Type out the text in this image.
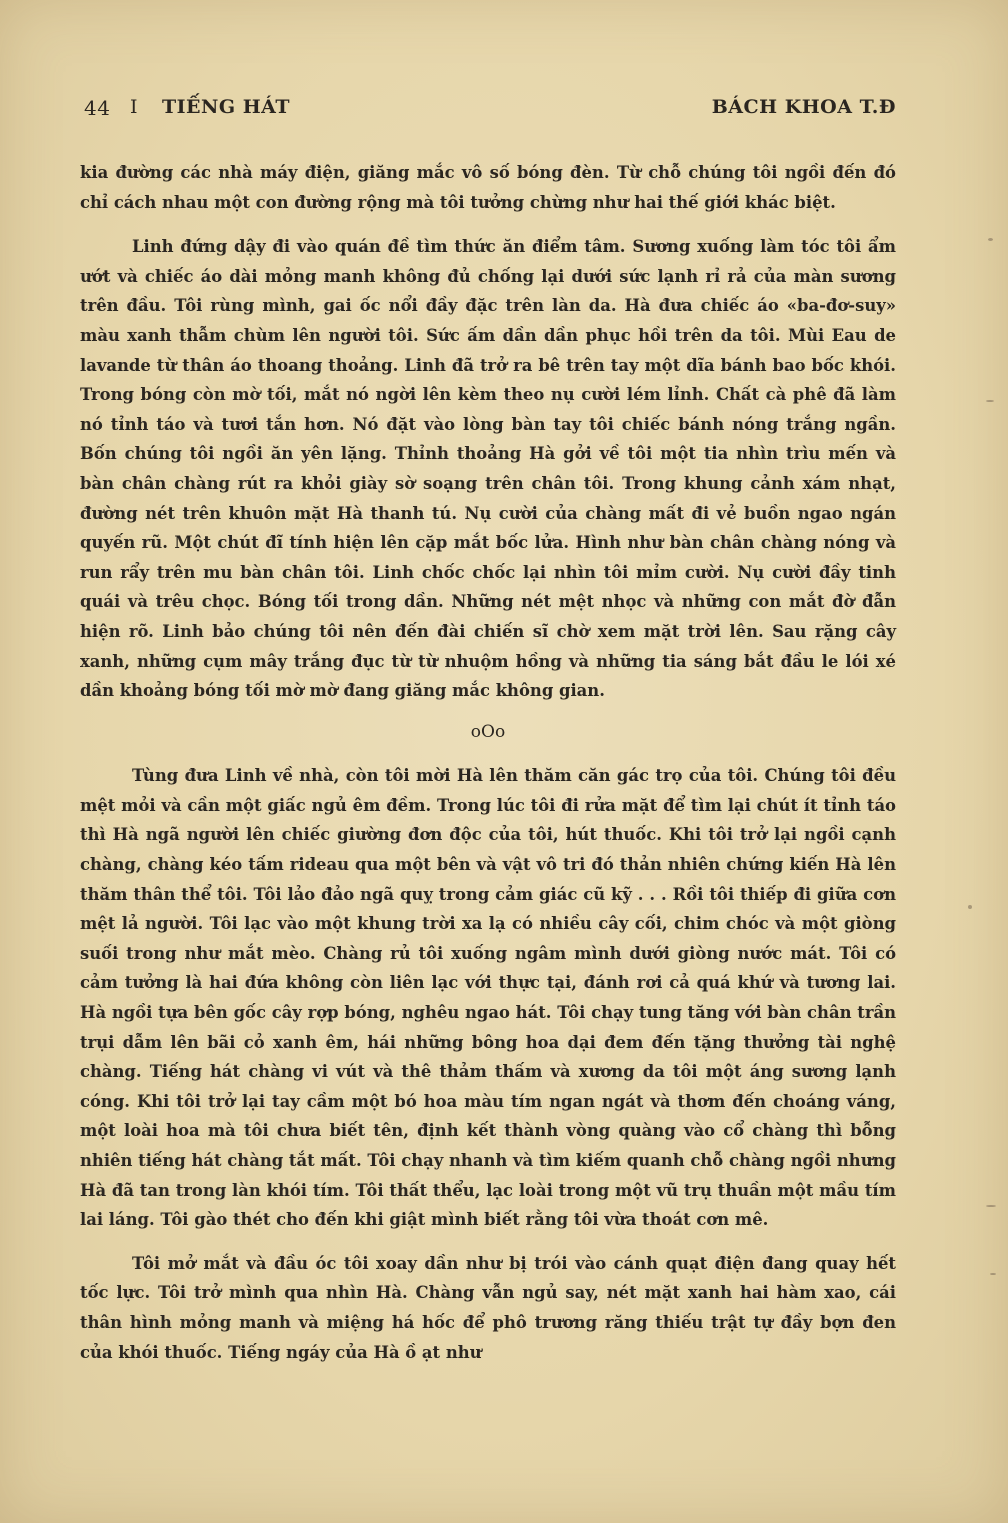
44 I TIẾNG HÁT	BÁCH KHOA T.Đ

kia đường các nhà máy điện, giăng mắc vô số bóng đèn. Từ chỗ chúng tôi ngồi đến đó chỉ cách nhau một con đường rộng mà tôi tưởng chừng như hai thế giới khác biệt.

Linh đứng dậy đi vào quán đề tìm thức ăn điểm tâm. Sương xuống làm tóc tôi ẩm ướt và chiếc áo dài mỏng manh không đủ chống lại dưới sức lạnh rỉ rả của màn sương trên đầu. Tôi rùng mình, gai ốc nổi đầy đặc trên làn da. Hà đưa chiếc áo «ba-đơ-suy» màu xanh thẫm chùm lên người tôi. Sức ấm dần dần phục hồi trên da tôi. Mùi Eau de lavande từ thân áo thoang thoảng. Linh đã trở ra bê trên tay một dĩa bánh bao bốc khói. Trong bóng còn mờ tối, mắt nó ngời lên kèm theo nụ cười lém lỉnh. Chất cà phê đã làm nó tỉnh táo và tươi tắn hơn. Nó đặt vào lòng bàn tay tôi chiếc bánh nóng trắng ngần. Bốn chúng tôi ngồi ăn yên lặng. Thỉnh thoảng Hà gởi về tôi một tia nhìn trìu mến và bàn chân chàng rút ra khỏi giày sờ soạng trên chân tôi. Trong khung cảnh xám nhạt, đường nét trên khuôn mặt Hà thanh tú. Nụ cười của chàng mất đi vẻ buồn ngao ngán quyến rũ. Một chút đĩ tính hiện lên cặp mắt bốc lửa. Hình như bàn chân chàng nóng và run rẩy trên mu bàn chân tôi. Linh chốc chốc lại nhìn tôi mỉm cười. Nụ cười đầy tinh quái và trêu chọc. Bóng tối trong dần. Những nét mệt nhọc và những con mắt đờ đẫn hiện rõ. Linh bảo chúng tôi nên đến đài chiến sĩ chờ xem mặt trời lên. Sau rặng cây xanh, những cụm mây trắng đục từ từ nhuộm hồng và những tia sáng bắt đầu le lói xé dần khoảng bóng tối mờ mờ đang giăng mắc không gian.

oOo

Tùng đưa Linh về nhà, còn tôi mời Hà lên thăm căn gác trọ của tôi. Chúng tôi đều mệt mỏi và cần một giấc ngủ êm đềm. Trong lúc tôi đi rửa mặt để tìm lại chút ít tỉnh táo thì Hà ngã người lên chiếc giường đơn độc của tôi, hút thuốc. Khi tôi trở lại ngồi cạnh chàng, chàng kéo tấm rideau qua một bên và vật vô tri đó thản nhiên chứng kiến Hà lên thăm thân thể tôi. Tôi lảo đảo ngã quỵ trong cảm giác cũ kỹ . . . Rồi tôi thiếp đi giữa cơn mệt lả người. Tôi lạc vào một khung trời xa lạ có nhiều cây cối, chim chóc và một giòng suối trong như mắt mèo. Chàng rủ tôi xuống ngâm mình dưới giòng nước mát. Tôi có cảm tưởng là hai đứa không còn liên lạc với thực tại, đánh rơi cả quá khứ và tương lai. Hà ngồi tựa bên gốc cây rợp bóng, nghêu ngao hát. Tôi chạy tung tăng với bàn chân trần trụi dẫm lên bãi cỏ xanh êm, hái những bông hoa dại đem đến tặng thưởng tài nghệ chàng. Tiếng hát chàng vi vút và thê thảm thấm và xương da tôi một áng sương lạnh cóng. Khi tôi trở lại tay cầm một bó hoa màu tím ngan ngát và thơm đến choáng váng, một loài hoa mà tôi chưa biết tên, định kết thành vòng quàng vào cổ chàng thì bỗng nhiên tiếng hát chàng tắt mất. Tôi chạy nhanh và tìm kiếm quanh chỗ chàng ngồi nhưng Hà đã tan trong làn khói tím. Tôi thất thểu, lạc loài trong một vũ trụ thuần một mầu tím lai láng. Tôi gào thét cho đến khi giật mình biết rằng tôi vừa thoát cơn mê.

Tôi mở mắt và đầu óc tôi xoay dần như bị trói vào cánh quạt điện đang quay hết tốc lực. Tôi trở mình qua nhìn Hà. Chàng vẫn ngủ say, nét mặt xanh hai hàm xao, cái thân hình mỏng manh và miệng há hốc để phô trương răng thiếu trật tự đầy bợn đen của khói thuốc. Tiếng ngáy của Hà ồ ạt như
